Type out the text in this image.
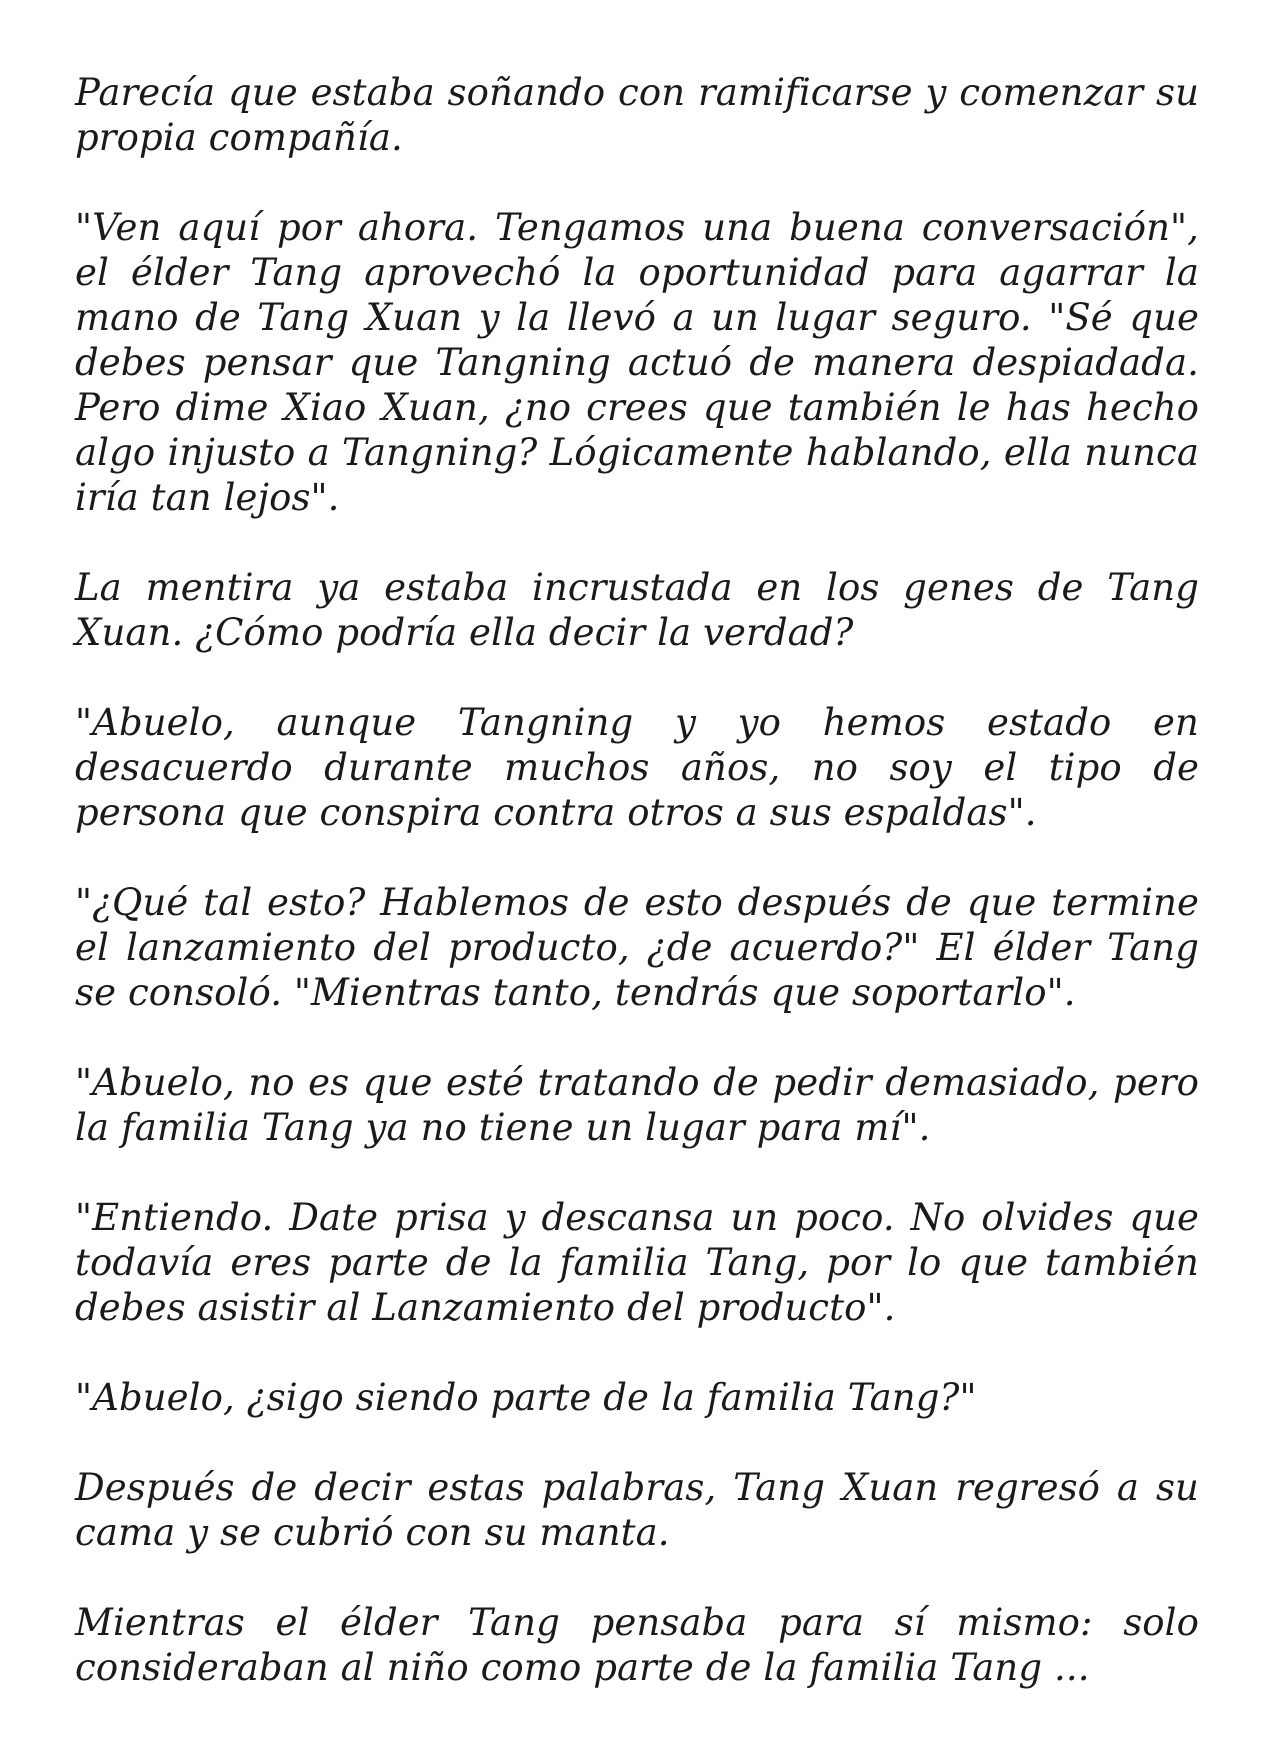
Parecía que estaba soñando con ramificarse y comenzar su propia compañía.

"Ven aquí por ahora. Tengamos una buena conversación", el élder Tang aprovechó la oportunidad para agarrar la mano de Tang Xuan y la llevó a un lugar seguro. "Sé que debes pensar que Tangning actuó de manera despiadada. Pero dime Xiao Xuan, ¿no crees que también le has hecho algo injusto a Tangning? Lógicamente hablando, ella nunca iría tan lejos".

La mentira ya estaba incrustada en los genes de Tang Xuan. ¿Cómo podría ella decir la verdad?

"Abuelo, aunque Tangning y yo hemos estado en desacuerdo durante muchos años, no soy el tipo de persona que conspira contra otros a sus espaldas".

"¿Qué tal esto? Hablemos de esto después de que termine el lanzamiento del producto, ¿de acuerdo?" El élder Tang se consoló. "Mientras tanto, tendrás que soportarlo".

"Abuelo, no es que esté tratando de pedir demasiado, pero la familia Tang ya no tiene un lugar para mí".

"Entiendo. Date prisa y descansa un poco. No olvides que todavía eres parte de la familia Tang, por lo que también debes asistir al Lanzamiento del producto".

"Abuelo, ¿sigo siendo parte de la familia Tang?"

Después de decir estas palabras, Tang Xuan regresó a su cama y se cubrió con su manta.

Mientras el élder Tang pensaba para sí mismo: solo consideraban al niño como parte de la familia Tang ...
